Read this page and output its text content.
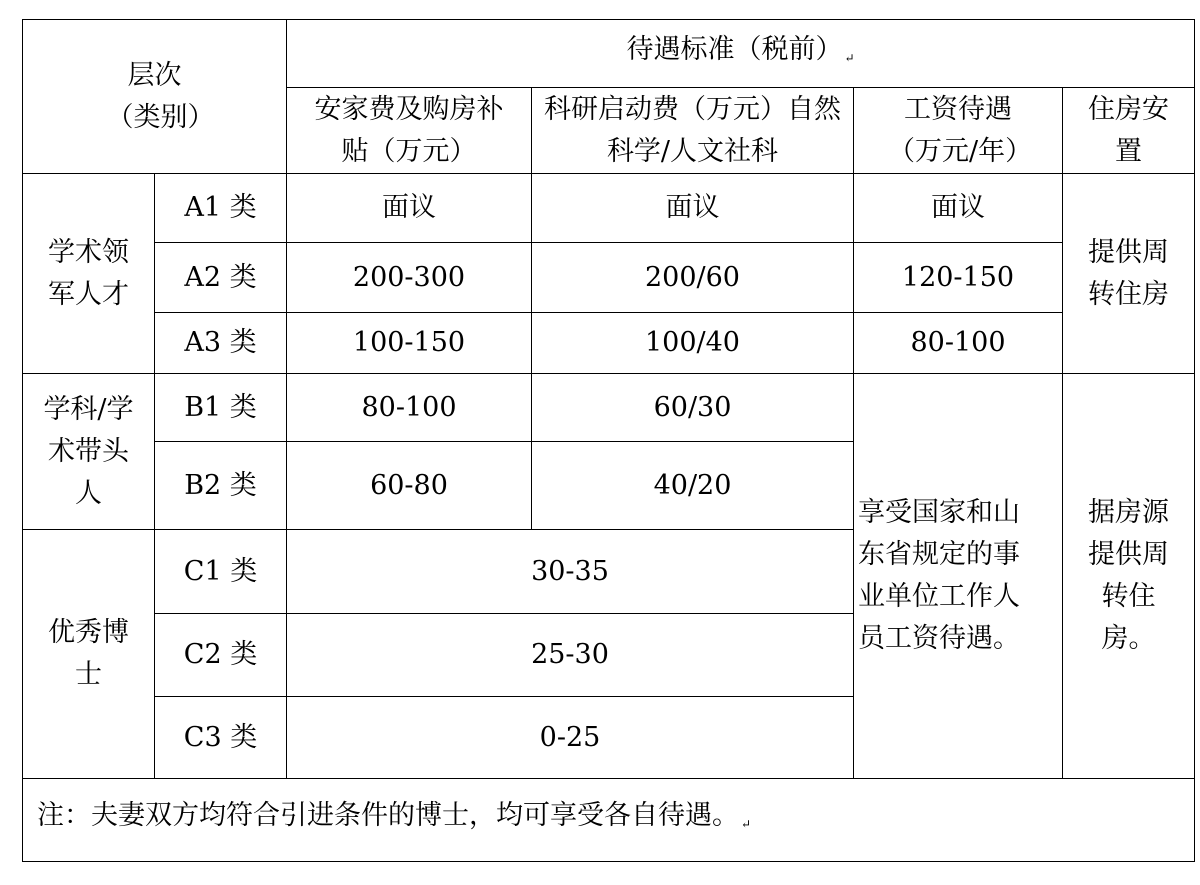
层次
（类别）		待遇标准（税前） ↵			
		安家费及购房补贴（万元）	科研启动费（万元）自然科学/人文社科	工资待遇（万元/年）	住房安置
学术领军人才	A1 类	面议	面议	面议	提供周转住房
	A2 类	200-300	200/60	120-150	
	A3 类	100-150	100/40	80-100	
学科/学术带头人	B1 类	80-100	60/30	享受国家和山东省规定的事业单位工作人员工资待遇。	据房源提供周转住房。
	B2 类	60-80	40/20		
优秀博士	C1 类	30-35			
	C2 类	25-30			
	C3 类	0-25			
注：夫妻双方均符合引进条件的博士，均可享受各自待遇。 ↵					
